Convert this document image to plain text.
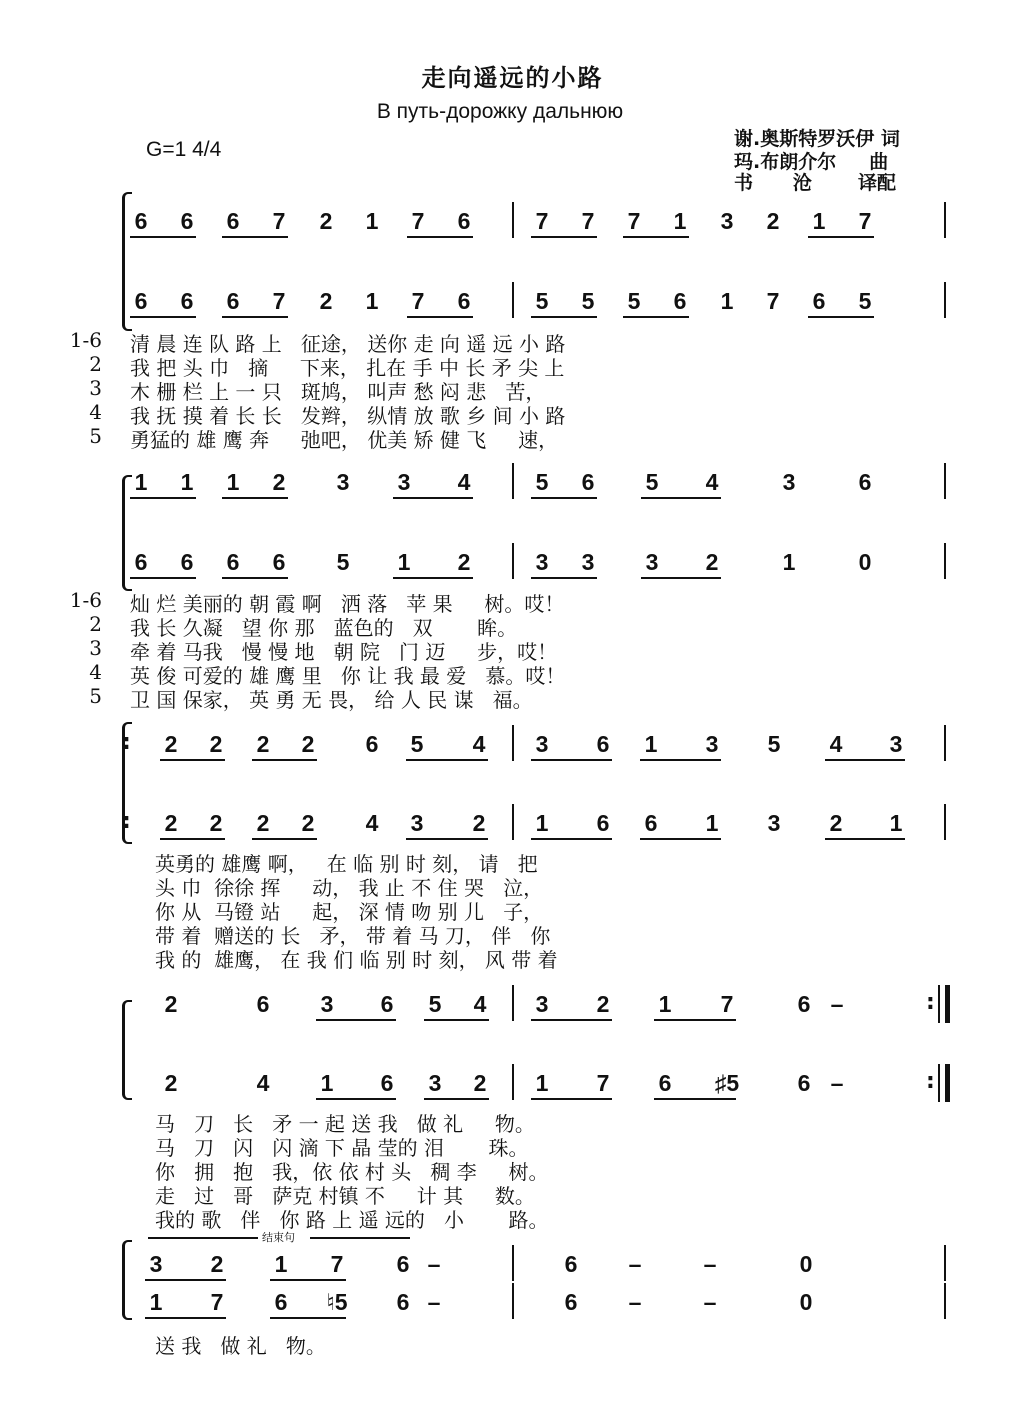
走向遥远的小路
В путь-дорожку дальнюю
G=1 4/4	谢.奥斯特罗沃伊 词
玛.布朗介尔     曲
书      沧       译配
6	6	6	7	2	1	7	6	7	7	7	1	3	2	1	7
6	6	6	7	2	1	7	6	5	5	5	6	1	7	6	5
1-6 清 晨 连 队 路 上   征途， 送你 走 向 遥 远 小 路
2 我 把 头 巾   摘     下来， 扎在 手 中 长 矛 尖 上
3 木 栅 栏 上 一 只   斑鸠， 叫声 愁 闷 悲   苦，
4 我 抚 摸 着 长 长   发辫， 纵情 放 歌 乡 间 小 路
5 勇猛的 雄 鹰 奔     弛吧， 优美 矫 健 飞     速，
1	1	1	2	3	3	4	5	6	5	4	3	6
6	6	6	6	5	1	2	3	3	3	2	1	0
1-6 灿 烂 美丽的 朝 霞 啊   洒 落   苹 果     树。哎！
2 我 长 久凝   望 你 那   蓝色的   双       眸。
3 牵 着 马我   慢 慢 地   朝 院   门 迈     步，哎！
4 英 俊 可爱的 雄 鹰 里   你 让 我 最 爱   慕。哎！
5 卫 国 保家， 英 勇 无 畏， 给 人 民 谋   福。
2	2	2	2	6	5	4	3	6	1	3	5	4	3
2	2	2	2	4	3	2	1	6	6	1	3	2	1
英勇的 雄鹰 啊，   在 临 别 时 刻， 请   把
头 巾  徐徐 挥     动， 我 止 不 住 哭   泣，
你 从  马镫 站     起， 深 情 吻 别 儿   子，
带 着  赠送的 长   矛， 带 着 马 刀， 伴   你
我 的  雄鹰， 在 我 们 临 别 时 刻， 风 带 着
2	6	3	6	5	4	3	2	1	7	6 –
2	4	1	6	3	2	1	7	6	♯5	6 –
马   刀   长   矛 一 起 送 我   做 礼     物。
马   刀   闪   闪 滴 下 晶 莹的 泪       珠。
你   拥   抱   我，依 依 村 头   稠 李     树。
走   过   哥   萨克 村镇 不     计 其     数。
我的 歌   伴   你 路 上 遥 远的   小       路。
3	2	1	7	6 –	6	–	–	0
1	7	6	♮5	6 –	6	–	–	0
送 我   做 礼   物。
:
:
:
:
结束句
